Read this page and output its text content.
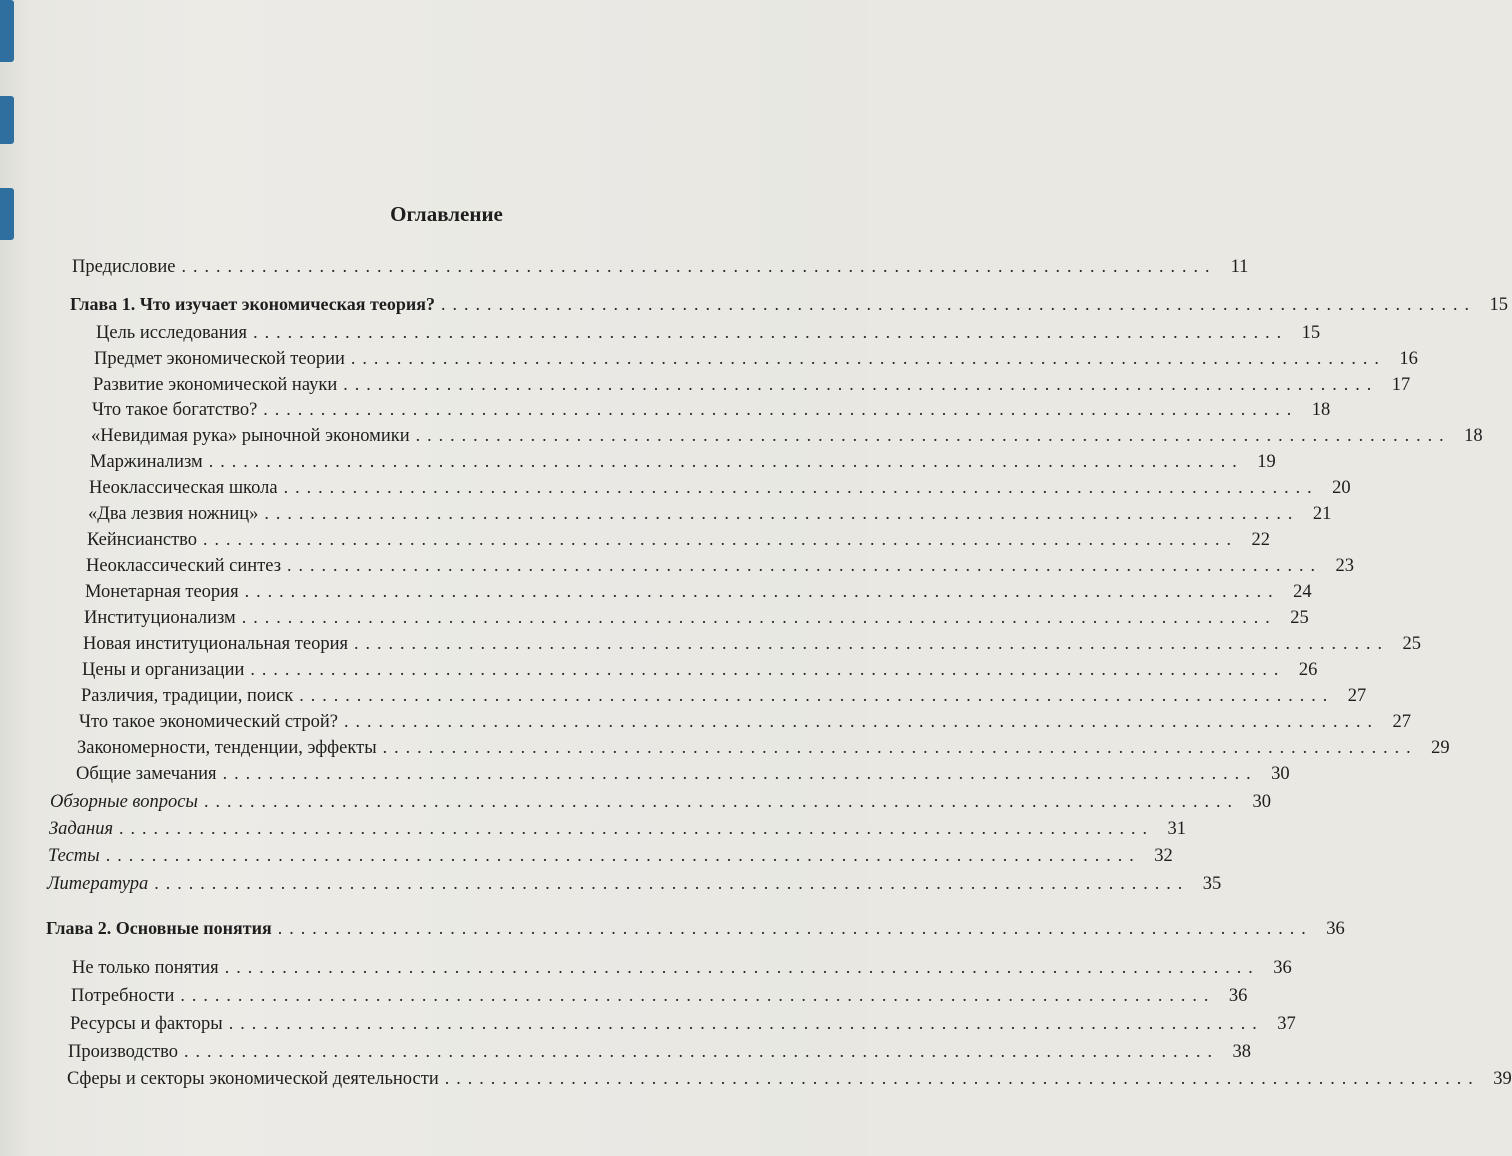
Оглавление
Предисловие .......................................................................................... 11
Глава 1. Что изучает экономическая теория? .......................................................................................... 15
Цель исследования .......................................................................................... 15
Предмет экономической теории .......................................................................................... 16
Развитие экономической науки .......................................................................................... 17
Что такое богатство? .......................................................................................... 18
«Невидимая рука» рыночной экономики .......................................................................................... 18
Маржинализм .......................................................................................... 19
Неоклассическая школа .......................................................................................... 20
«Два лезвия ножниц» .......................................................................................... 21
Кейнсианство .......................................................................................... 22
Неоклассический синтез .......................................................................................... 23
Монетарная теория .......................................................................................... 24
Институционализм .......................................................................................... 25
Новая институциональная теория .......................................................................................... 25
Цены и организации .......................................................................................... 26
Различия, традиции, поиск .......................................................................................... 27
Что такое экономический строй? .......................................................................................... 27
Закономерности, тенденции, эффекты .......................................................................................... 29
Общие замечания .......................................................................................... 30
Обзорные вопросы .......................................................................................... 30
Задания .......................................................................................... 31
Тесты .......................................................................................... 32
Литература .......................................................................................... 35
Глава 2. Основные понятия .......................................................................................... 36
Не только понятия .......................................................................................... 36
Потребности .......................................................................................... 36
Ресурсы и факторы .......................................................................................... 37
Производство .......................................................................................... 38
Сферы и секторы экономической деятельности .......................................................................................... 39
